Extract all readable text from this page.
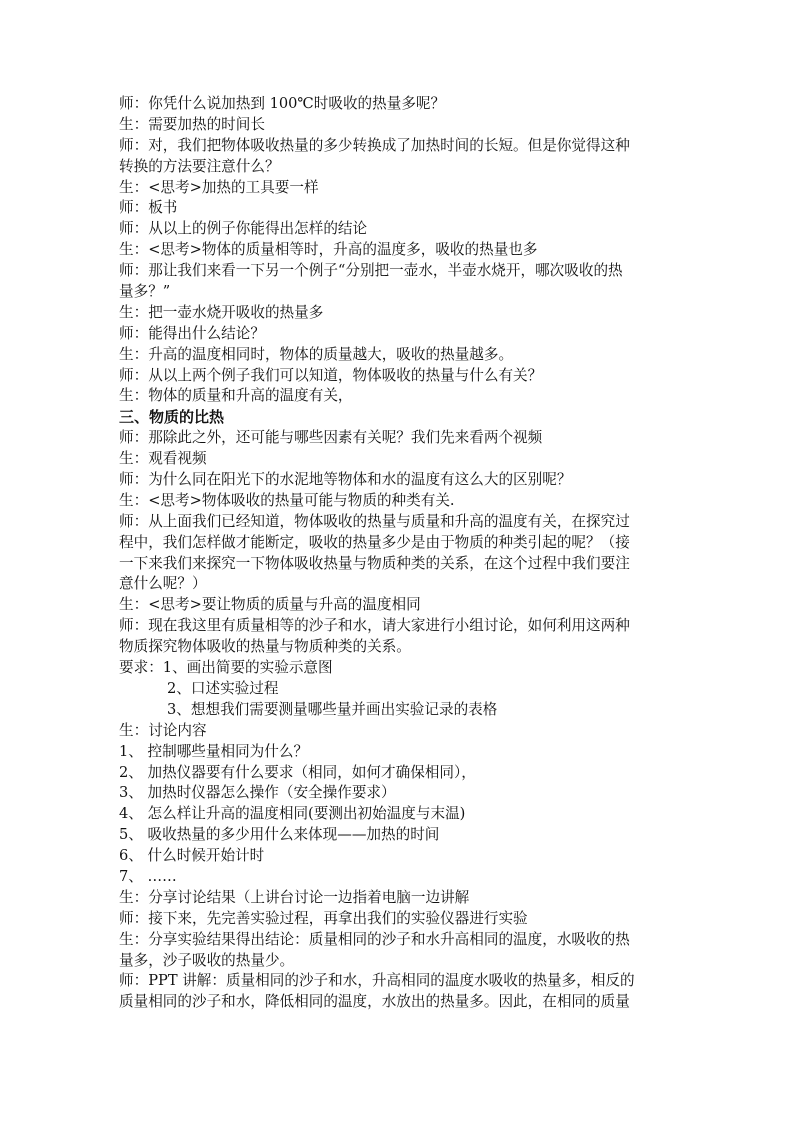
师：你凭什么说加热到 100℃时吸收的热量多呢？
生：需要加热的时间长
师：对，我们把物体吸收热量的多少转换成了加热时间的长短。但是你觉得这种
转换的方法要注意什么？
生：<思考>加热的工具要一样
师：板书
师：从以上的例子你能得出怎样的结论
生：<思考>物体的质量相等时，升高的温度多，吸收的热量也多
师：那让我们来看一下另一个例子“分别把一壶水，半壶水烧开，哪次吸收的热
量多？”
生：把一壶水烧开吸收的热量多
师：能得出什么结论？
生：升高的温度相同时，物体的质量越大，吸收的热量越多。
师：从以上两个例子我们可以知道，物体吸收的热量与什么有关？
生：物体的质量和升高的温度有关，
三、物质的比热
师：那除此之外，还可能与哪些因素有关呢？我们先来看两个视频
生：观看视频
师：为什么同在阳光下的水泥地等物体和水的温度有这么大的区别呢？
生：<思考>物体吸收的热量可能与物质的种类有关.
师：从上面我们已经知道，物体吸收的热量与质量和升高的温度有关，在探究过
程中，我们怎样做才能断定，吸收的热量多少是由于物质的种类引起的呢？（接
一下来我们来探究一下物体吸收热量与物质种类的关系，在这个过程中我们要注
意什么呢？）
生：<思考>要让物质的质量与升高的温度相同
师：现在我这里有质量相等的沙子和水，请大家进行小组讨论，如何利用这两种
物质探究物体吸收的热量与物质种类的关系。
要求：1、画出简要的实验示意图
2、口述实验过程
3、想想我们需要测量哪些量并画出实验记录的表格
生：讨论内容
1、 控制哪些量相同为什么？
2、 加热仪器要有什么要求（相同，如何才确保相同），
3、 加热时仪器怎么操作（安全操作要求）
4、 怎么样让升高的温度相同(要测出初始温度与末温)
5、 吸收热量的多少用什么来体现——加热的时间
6、 什么时候开始计时
7、 ……
生：分享讨论结果（上讲台讨论一边指着电脑一边讲解
师：接下来，先完善实验过程，再拿出我们的实验仪器进行实验
生：分享实验结果得出结论：质量相同的沙子和水升高相同的温度，水吸收的热
量多，沙子吸收的热量少。
师：PPT 讲解：质量相同的沙子和水，升高相同的温度水吸收的热量多，相反的
质量相同的沙子和水，降低相同的温度，水放出的热量多。因此，在相同的质量
